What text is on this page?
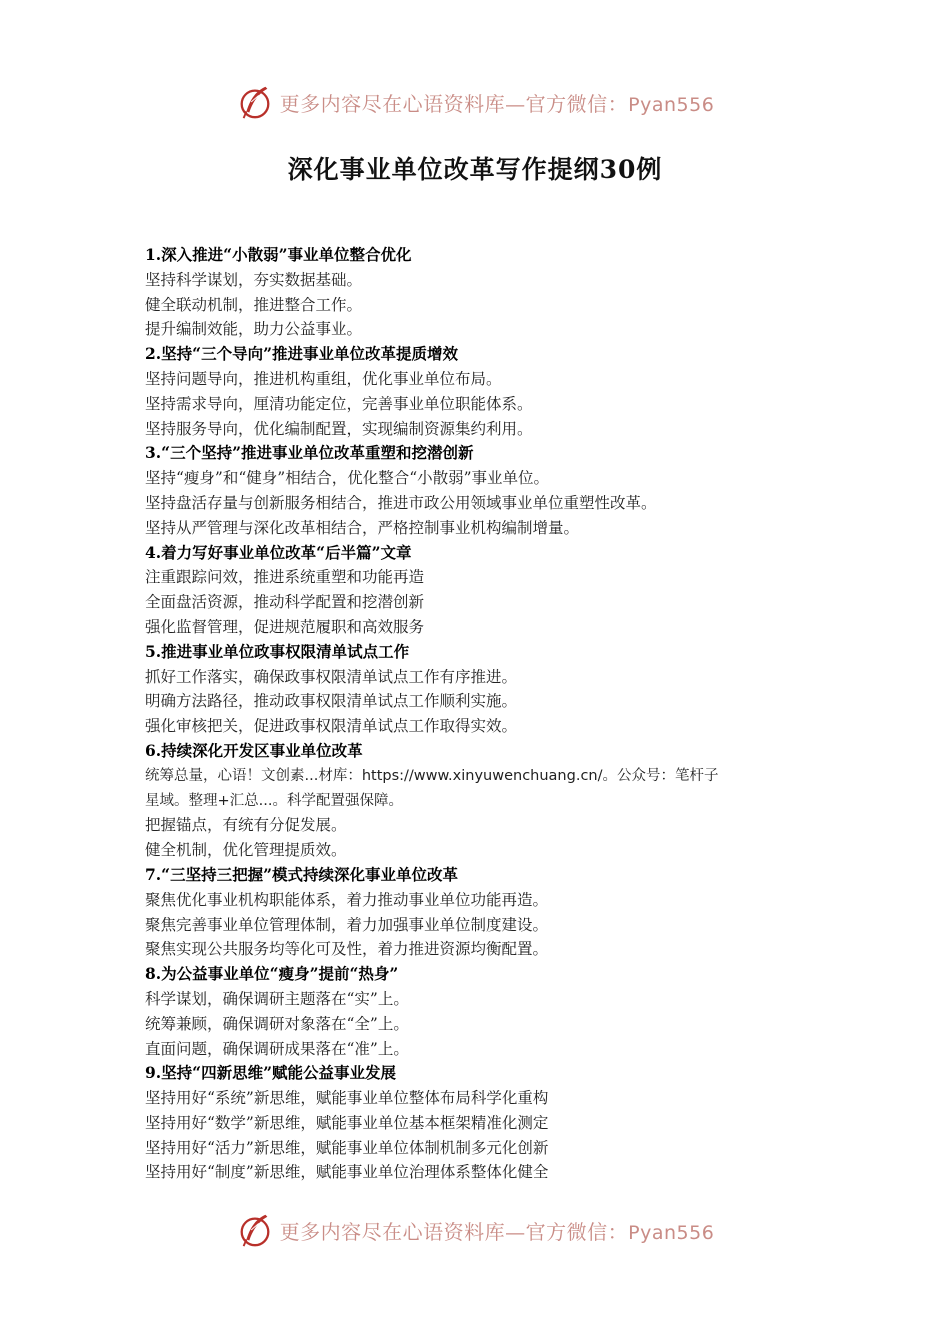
更多内容尽在心语资料库—官方微信：Pyan556
深化事业单位改革写作提纲30例

1.深入推进“小散弱”事业单位整合优化

坚持科学谋划，夯实数据基础。

健全联动机制，推进整合工作。

提升编制效能，助力公益事业。

2.坚持“三个导向”推进事业单位改革提质增效

坚持问题导向，推进机构重组，优化事业单位布局。

坚持需求导向，厘清功能定位，完善事业单位职能体系。

坚持服务导向，优化编制配置，实现编制资源集约利用。

3.“三个坚持”推进事业单位改革重塑和挖潜创新

坚持“瘦身”和“健身”相结合，优化整合“小散弱”事业单位。

坚持盘活存量与创新服务相结合，推进市政公用领域事业单位重塑性改革。

坚持从严管理与深化改革相结合，严格控制事业机构编制增量。

4.着力写好事业单位改革“后半篇”文章

注重跟踪问效，推进系统重塑和功能再造

全面盘活资源，推动科学配置和挖潜创新

强化监督管理，促进规范履职和高效服务

5.推进事业单位政事权限清单试点工作

抓好工作落实，确保政事权限清单试点工作有序推进。

明确方法路径，推动政事权限清单试点工作顺利实施。

强化审核把关，促进政事权限清单试点工作取得实效。

6.持续深化开发区事业单位改革

统筹总量，心语！文创素...材库：https://www.xinyuwenchuang.cn/。公众号：笔杆子

星域。整理+汇总...。科学配置强保障。

把握锚点，有统有分促发展。

健全机制，优化管理提质效。

7.“三坚持三把握”模式持续深化事业单位改革

聚焦优化事业机构职能体系，着力推动事业单位功能再造。

聚焦完善事业单位管理体制，着力加强事业单位制度建设。

聚焦实现公共服务均等化可及性，着力推进资源均衡配置。

8.为公益事业单位“瘦身”提前“热身”

科学谋划，确保调研主题落在“实”上。

统筹兼顾，确保调研对象落在“全”上。

直面问题，确保调研成果落在“准”上。

9.坚持“四新思维”赋能公益事业发展

坚持用好“系统”新思维，赋能事业单位整体布局科学化重构

坚持用好“数学”新思维，赋能事业单位基本框架精准化测定

坚持用好“活力”新思维，赋能事业单位体制机制多元化创新

坚持用好“制度”新思维，赋能事业单位治理体系整体化健全

更多内容尽在心语资料库—官方微信：Pyan556
